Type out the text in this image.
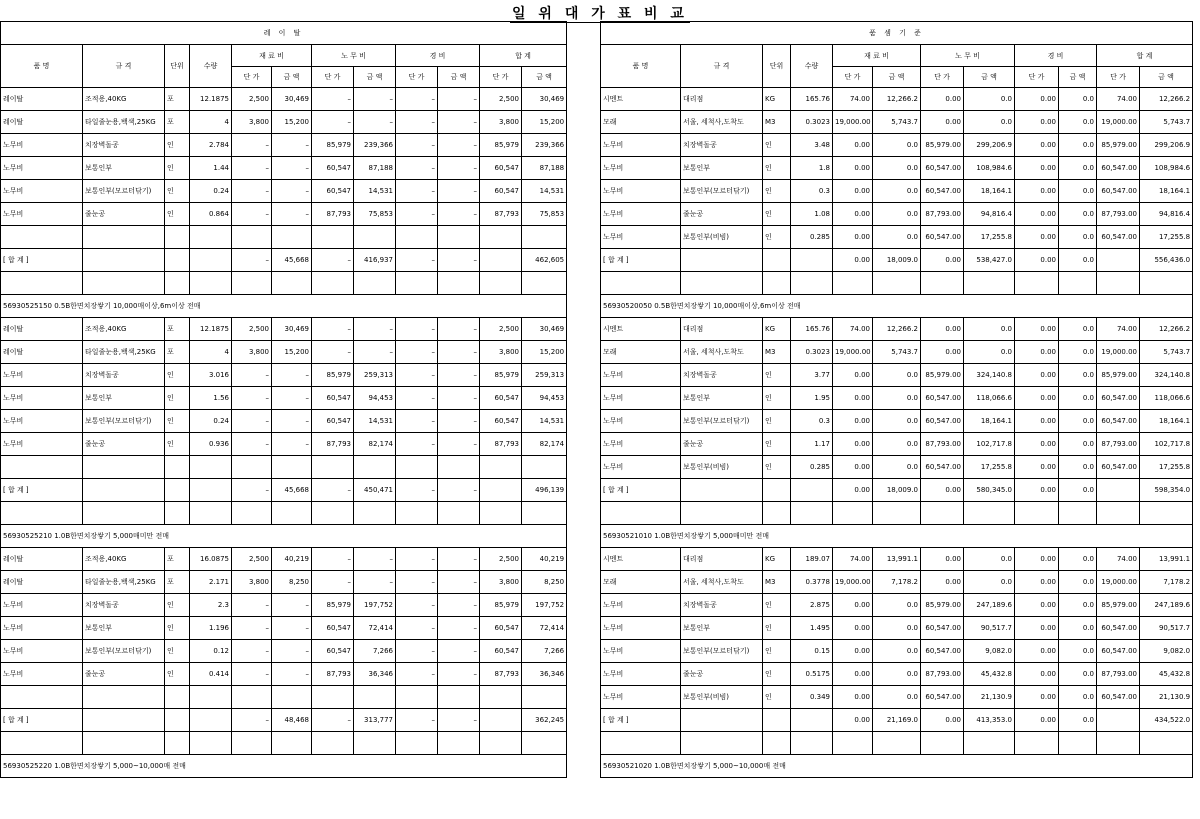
일 위 대 가 표 비 교
레 이 탈											
품 명	규 격	단위	수량	재 료 비		노 무 비		경 비		합 계	
				단 가	금 액	단 가	금 액	단 가	금 액	단 가	금 액
레이탈	조적용,40KG	포	12.1875	2,500	30,469	–	–	–	–	2,500	30,469
레이탈	타일줄눈용,백색,25KG	포	4	3,800	15,200	–	–	–	–	3,800	15,200
노무비	치장벽돌공	인	2.784	–	–	85,979	239,366	–	–	85,979	239,366
노무비	보통인부	인	1.44	–	–	60,547	87,188	–	–	60,547	87,188
노무비	보통인부(모르터닦기)	인	0.24	–	–	60,547	14,531	–	–	60,547	14,531
노무비	줄눈공	인	0.864	–	–	87,793	75,853	–	–	87,793	75,853

[ 합 계 ]				–	45,668	–	416,937	–	–		462,605

56930525150 0.5B한면치장쌓기 10,000매이상,6m이상 전매											
레이탈	조적용,40KG	포	12.1875	2,500	30,469	–	–	–	–	2,500	30,469
레이탈	타일줄눈용,백색,25KG	포	4	3,800	15,200	–	–	–	–	3,800	15,200
노무비	치장벽돌공	인	3.016	–	–	85,979	259,313	–	–	85,979	259,313
노무비	보통인부	인	1.56	–	–	60,547	94,453	–	–	60,547	94,453
노무비	보통인부(모르터닦기)	인	0.24	–	–	60,547	14,531	–	–	60,547	14,531
노무비	줄눈공	인	0.936	–	–	87,793	82,174	–	–	87,793	82,174

[ 합 계 ]				–	45,668	–	450,471	–	–		496,139

56930525210 1.0B한면치장쌓기 5,000매미만 전매											
레이탈	조적용,40KG	포	16.0875	2,500	40,219	–	–	–	–	2,500	40,219
레이탈	타일줄눈용,백색,25KG	포	2.171	3,800	8,250	–	–	–	–	3,800	8,250
노무비	치장벽돌공	인	2.3	–	–	85,979	197,752	–	–	85,979	197,752
노무비	보통인부	인	1.196	–	–	60,547	72,414	–	–	60,547	72,414
노무비	보통인부(모르터닦기)	인	0.12	–	–	60,547	7,266	–	–	60,547	7,266
노무비	줄눈공	인	0.414	–	–	87,793	36,346	–	–	87,793	36,346

[ 합 계 ]				–	48,468	–	313,777	–	–		362,245

56930525220 1.0B한면치장쌓기 5,000~10,000매 전매											
품 셈 기 준											
품 명	규 격	단위	수량	재 료 비		노 무 비		경 비		합 계	
				단 가	금 액	단 가	금 액	단 가	금 액	단 가	금 액
시멘트	대리점	KG	165.76	74.00	12,266.2	0.00	0.0	0.00	0.0	74.00	12,266.2
모래	서울, 세척사,도착도	M3	0.3023	19,000.00	5,743.7	0.00	0.0	0.00	0.0	19,000.00	5,743.7
노무비	치장벽돌공	인	3.48	0.00	0.0	85,979.00	299,206.9	0.00	0.0	85,979.00	299,206.9
노무비	보통인부	인	1.8	0.00	0.0	60,547.00	108,984.6	0.00	0.0	60,547.00	108,984.6
노무비	보통인부(모르터닦기)	인	0.3	0.00	0.0	60,547.00	18,164.1	0.00	0.0	60,547.00	18,164.1
노무비	줄눈공	인	1.08	0.00	0.0	87,793.00	94,816.4	0.00	0.0	87,793.00	94,816.4
노무비	보통인부(비빔)	인	0.285	0.00	0.0	60,547.00	17,255.8	0.00	0.0	60,547.00	17,255.8
[ 합 계 ]				0.00	18,009.0	0.00	538,427.0	0.00	0.0		556,436.0

56930520050 0.5B한면치장쌓기 10,000매이상,6m이상 전매											
시멘트	대리점	KG	165.76	74.00	12,266.2	0.00	0.0	0.00	0.0	74.00	12,266.2
모래	서울, 세척사,도착도	M3	0.3023	19,000.00	5,743.7	0.00	0.0	0.00	0.0	19,000.00	5,743.7
노무비	치장벽돌공	인	3.77	0.00	0.0	85,979.00	324,140.8	0.00	0.0	85,979.00	324,140.8
노무비	보통인부	인	1.95	0.00	0.0	60,547.00	118,066.6	0.00	0.0	60,547.00	118,066.6
노무비	보통인부(모르터닦기)	인	0.3	0.00	0.0	60,547.00	18,164.1	0.00	0.0	60,547.00	18,164.1
노무비	줄눈공	인	1.17	0.00	0.0	87,793.00	102,717.8	0.00	0.0	87,793.00	102,717.8
노무비	보통인부(비빔)	인	0.285	0.00	0.0	60,547.00	17,255.8	0.00	0.0	60,547.00	17,255.8
[ 합 계 ]				0.00	18,009.0	0.00	580,345.0	0.00	0.0		598,354.0

56930521010 1.0B한면치장쌓기 5,000매미만 전매											
시멘트	대리점	KG	189.07	74.00	13,991.1	0.00	0.0	0.00	0.0	74.00	13,991.1
모래	서울, 세척사,도착도	M3	0.3778	19,000.00	7,178.2	0.00	0.0	0.00	0.0	19,000.00	7,178.2
노무비	치장벽돌공	인	2.875	0.00	0.0	85,979.00	247,189.6	0.00	0.0	85,979.00	247,189.6
노무비	보통인부	인	1.495	0.00	0.0	60,547.00	90,517.7	0.00	0.0	60,547.00	90,517.7
노무비	보통인부(모르터닦기)	인	0.15	0.00	0.0	60,547.00	9,082.0	0.00	0.0	60,547.00	9,082.0
노무비	줄눈공	인	0.5175	0.00	0.0	87,793.00	45,432.8	0.00	0.0	87,793.00	45,432.8
노무비	보통인부(비빔)	인	0.349	0.00	0.0	60,547.00	21,130.9	0.00	0.0	60,547.00	21,130.9
[ 합 계 ]				0.00	21,169.0	0.00	413,353.0	0.00	0.0		434,522.0

56930521020 1.0B한면치장쌓기 5,000~10,000매 전매											
